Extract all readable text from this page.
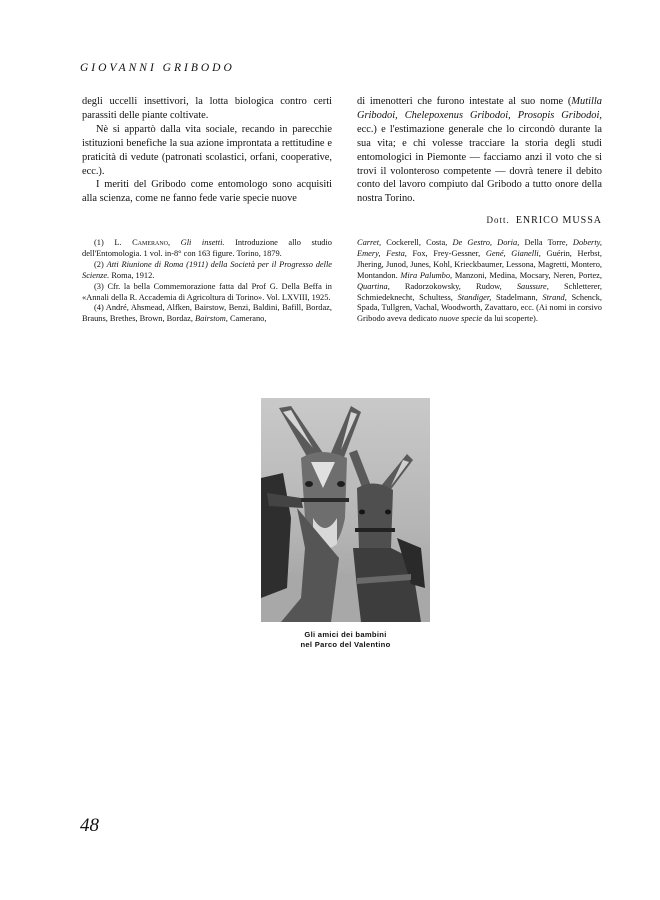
GIOVANNI GRIBODO

degli uccelli insettivori, la lotta biologica contro certi parassiti delle piante coltivate.

Nè si appartò dalla vita sociale, recando in parecchie istituzioni benefiche la sua azione improntata a rettitudine e praticità di vedute (patronati scolastici, orfani, cooperative, ecc.).

I meriti del Gribodo come entomologo sono acquisiti alla scienza, come ne fanno fede varie specie nuove

di imenotteri che furono intestate al suo nome (Mutilla Gribodoi, Chelepoxenus Gribodoi, Prosopis Gribodoi, ecc.) e l'estimazione generale che lo circondò durante la sua vita; e chi volesse tracciare la storia degli studi entomologici in Piemonte — facciamo anzi il voto che si trovi il volonteroso competente — dovrà tenere il debito conto del lavoro compiuto dal Gribodo a tutto onore della nostra Torino.

Dott. ENRICO MUSSA

(1) L. Camerano, Gli insetti. Introduzione allo studio dell'Entomologia. 1 vol. in-8° con 163 figure. Torino, 1879.

(2) Atti Riunione di Roma (1911) della Società per il Progresso delle Scienze. Roma, 1912.

(3) Cfr. la bella Commemorazione fatta dal Prof G. Della Beffa in «Annali della R. Accademia di Agricoltura di Torino». Vol. LXVIII, 1925.

(4) André, Ahsmead, Alfken, Bairstow, Benzi, Baldini, Bafill, Bordaz, Brauns, Brethes, Brown, Bordaz, Bairstom, Camerano,

Carret, Cockerell, Costa, De Gestro, Doria, Della Torre, Doberty, Emery, Festa, Fox, Frey-Gessner, Gené, Gianelli, Guérin, Herbst, Jhering, Junod, Junes, Kohl, Krieckbaumer, Lessona, Magretti, Montero, Montandon. Mira Palumbo, Manzoni, Medina, Mocsary, Neren, Portez, Quartina, Radorzokowsky, Rudow, Saussure, Schletterer, Schmiedeknecht, Schultess, Standiger, Stadelmann, Strand, Schenck, Spada, Tullgren, Vachal, Woodworth, Zavattaro, ecc. (Ai nomi in corsivo Gribodo aveva dedicato nuove specie da lui scoperte).

Gli amici dei bambini
nel Parco del Valentino
48
